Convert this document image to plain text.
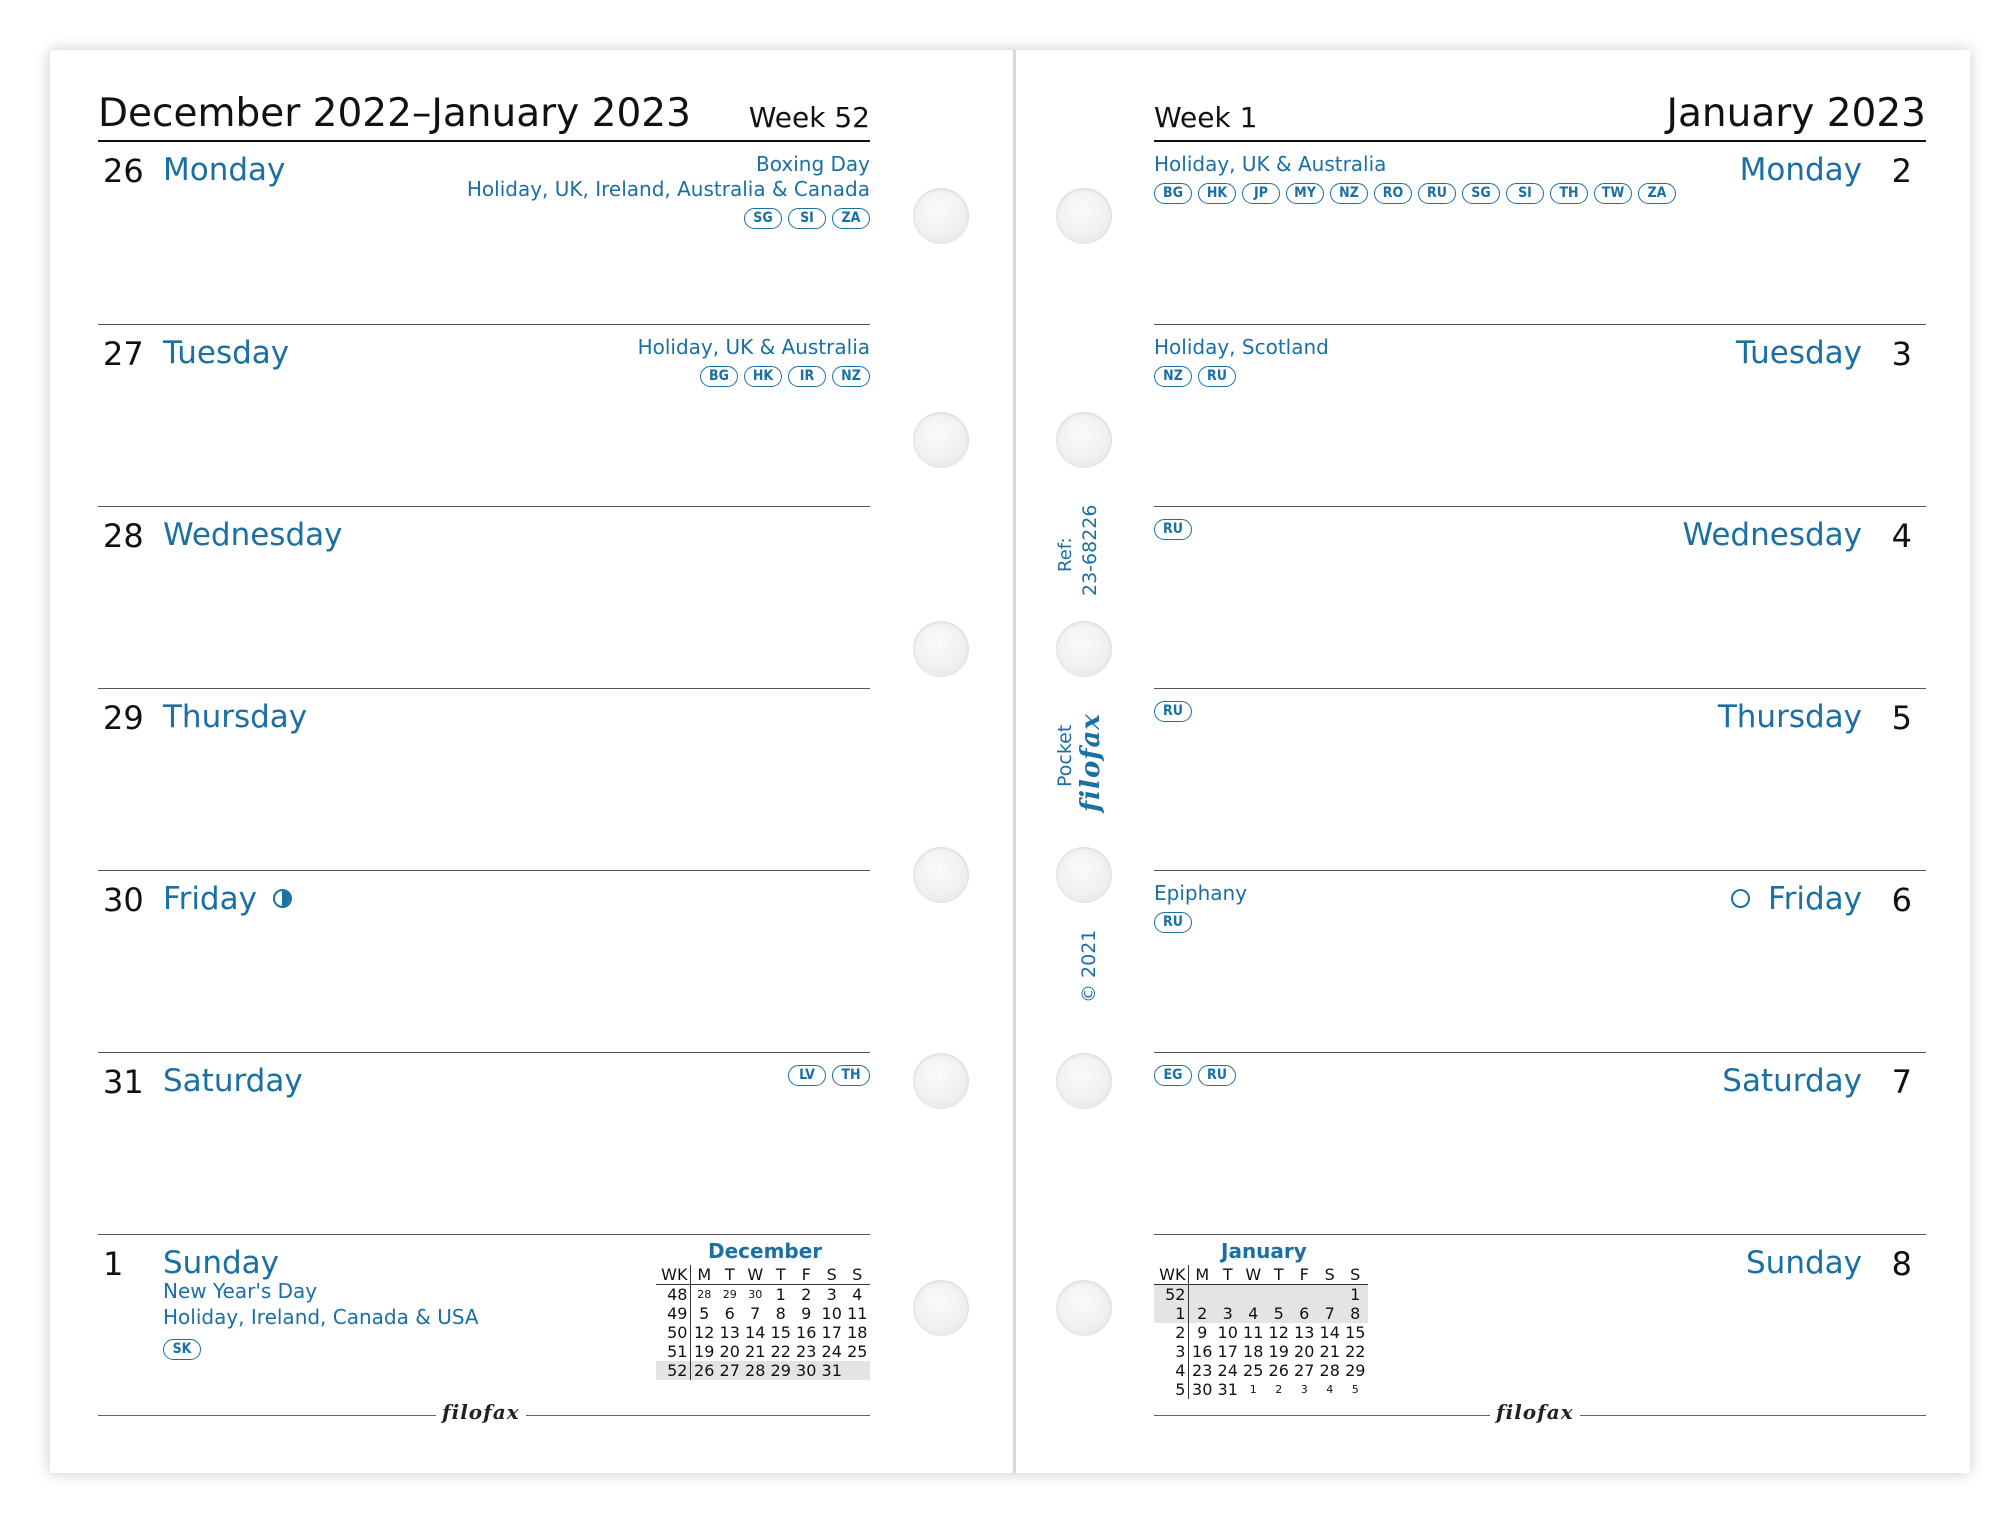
December 2022–January 2023 Week 52
26 Monday	Boxing Day
Holiday, UK, Ireland, Australia & Canada
SG	SI	ZA
27 Tuesday	Holiday, UK & Australia
BG	HK	IR	NZ
28 Wednesday
29 Thursday
30 Friday
31 Saturday	LV	TH
1 Sunday
New Year's Day
Holiday, Ireland, Canada & USA
SK
December
WK	M	T	W	T	F	S	S
48	28	29	30	1	2	3	4
49	5	6	7	8	9	10	11
50	12	13	14	15	16	17	18
51	19	20	21	22	23	24	25
52	26	27	28	29	30	31	
filofax
Week 1	January 2023
2
Monday
Holiday, UK & Australia
BG	HK	JP	MY	NZ	RO	RU	SG	SI	TH	TW	ZA
3
Tuesday
Holiday, Scotland
NZ	RU
4
Wednesday
RU
5
Thursday
RU
6
Friday
Epiphany
RU
7
Saturday
EG	RU
8
Sunday
January
WK	M	T	W	T	F	S	S
52							1
1	2	3	4	5	6	7	8
2	9	10	11	12	13	14	15
3	16	17	18	19	20	21	22
4	23	24	25	26	27	28	29
5	30	31	1	2	3	4	5
filofax
Ref: 23-68226
Pocket filofax
© 2021
